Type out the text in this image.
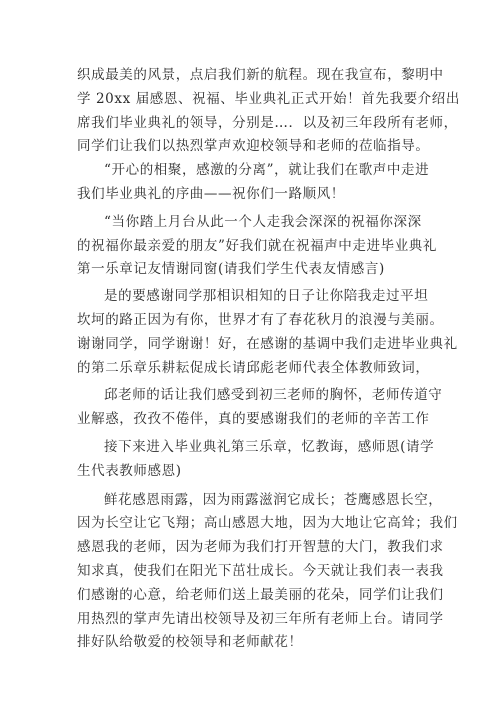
织成最美的风景，点启我们新的航程。现在我宣布，黎明中
学 20xx 届感恩、祝福、毕业典礼正式开始！首先我要介绍出
席我们毕业典礼的领导，分别是…．以及初三年段所有老师，
同学们让我们以热烈掌声欢迎校领导和老师的莅临指导。
“开心的相聚，感激的分离”，就让我们在歌声中走进
我们毕业典礼的序曲——祝你们一路顺风！
“当你踏上月台从此一个人走我会深深的祝福你深深
的祝福你最亲爱的朋友”好我们就在祝福声中走进毕业典礼
第一乐章记友情谢同窗(请我们学生代表友情感言)
是的要感谢同学那相识相知的日子让你陪我走过平坦
坎坷的路正因为有你，世界才有了春花秋月的浪漫与美丽。
谢谢同学，同学谢谢！好，在感谢的基调中我们走进毕业典礼
的第二乐章乐耕耘促成长请邱彪老师代表全体教师致词，
邱老师的话让我们感受到初三老师的胸怀，老师传道守
业解惑，孜孜不倦伴，真的要感谢我们的老师的辛苦工作
接下来进入毕业典礼第三乐章，忆教诲，感师恩(请学
生代表教师感恩)
鲜花感恩雨露，因为雨露滋润它成长；苍鹰感恩长空，
因为长空让它飞翔；高山感恩大地，因为大地让它高耸；我们
感恩我的老师，因为老师为我们打开智慧的大门，教我们求
知求真，使我们在阳光下茁壮成长。今天就让我们表一表我
们感谢的心意，给老师们送上最美丽的花朵，同学们让我们
用热烈的掌声先请出校领导及初三年所有老师上台。请同学
排好队给敬爱的校领导和老师献花！
